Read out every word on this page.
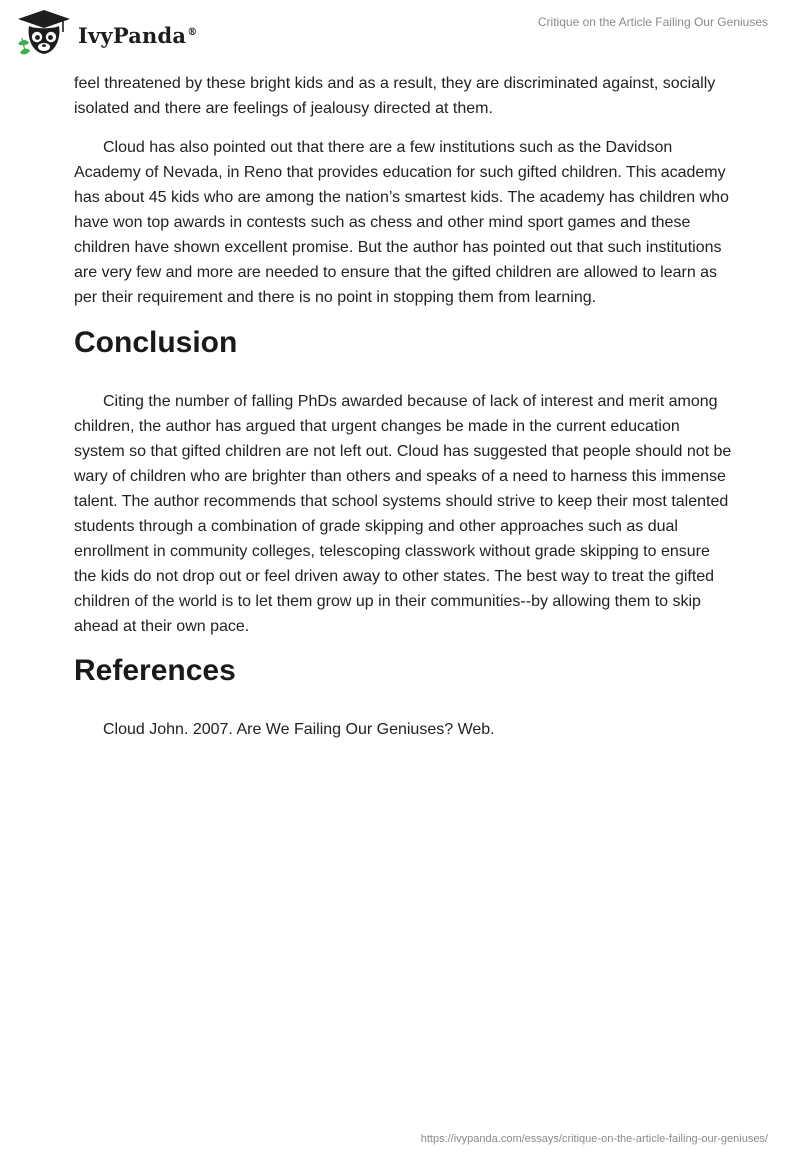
IvyPanda®
Critique on the Article Failing Our Geniuses

feel threatened by these bright kids and as a result, they are discriminated against, socially isolated and there are feelings of jealousy directed at them.

Cloud has also pointed out that there are a few institutions such as the Davidson Academy of Nevada, in Reno that provides education for such gifted children. This academy has about 45 kids who are among the nation’s smartest kids. The academy has children who have won top awards in contests such as chess and other mind sport games and these children have shown excellent promise. But the author has pointed out that such institutions are very few and more are needed to ensure that the gifted children are allowed to learn as per their requirement and there is no point in stopping them from learning.

Conclusion

Citing the number of falling PhDs awarded because of lack of interest and merit among children, the author has argued that urgent changes be made in the current education system so that gifted children are not left out. Cloud has suggested that people should not be wary of children who are brighter than others and speaks of a need to harness this immense talent. The author recommends that school systems should strive to keep their most talented students through a combination of grade skipping and other approaches such as dual enrollment in community colleges, telescoping classwork without grade skipping to ensure the kids do not drop out or feel driven away to other states. The best way to treat the gifted children of the world is to let them grow up in their communities--by allowing them to skip ahead at their own pace.

References

Cloud John. 2007. Are We Failing Our Geniuses? Web.

https://ivypanda.com/essays/critique-on-the-article-failing-our-geniuses/
